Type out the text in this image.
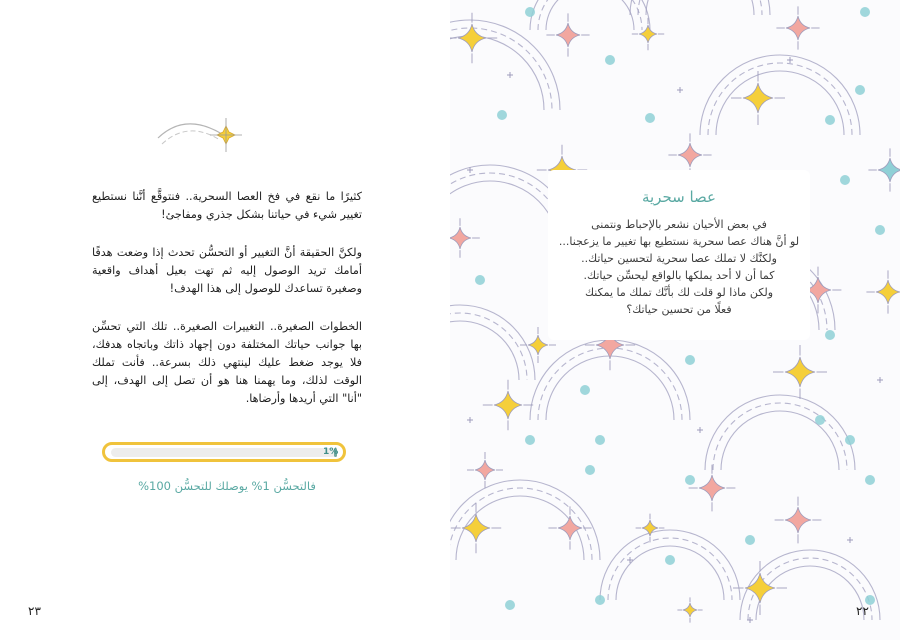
كثيرًا ما نقع في فخ العصا السحرية.. فنتوقَّع أنَّنا نستطيع تغيير شيء في حياتنا بشكل جذري ومفاجئ!
ولكنَّ الحقيقة أنَّ التغيير أو التحسُّن تحدث إذا وضعت هدفًا أمامك تريد الوصول إليه ثم تهت بعيل أهداف واقعية وصغيرة تساعدك للوصول إلى هذا الهدف!
الخطوات الصغيرة.. التغييرات الصغيرة.. تلك التي تحسِّن بها جوانب حياتك المختلفة دون إجهاد ذاتك وباتجاه هدفك، فلا يوجد ضغط عليك لينتهي ذلك بسرعة.. فأنت تملك الوقت لذلك، وما يهمنا هنا هو أن تصل إلى الهدف، إلى "أنا" التي أريدها وأرضاها.
1%
فالتحسُّن 1% يوصلك للتحسُّن 100%
٢٣
عصا سحرية
في بعض الأحيان نشعر بالإحباط ونتمنى
لو أنَّ هناك عصا سحرية نستطيع بها تغيير ما يزعجنا...
ولكنَّك لا تملك عصا سحرية لتحسين حياتك..
كما أن لا أحد يملكها بالواقع ليحسِّن حياتك.
ولكن ماذا لو قلت لك بأنَّك تملك ما يمكنك
فعلًا من تحسين حياتك؟
٢٢
